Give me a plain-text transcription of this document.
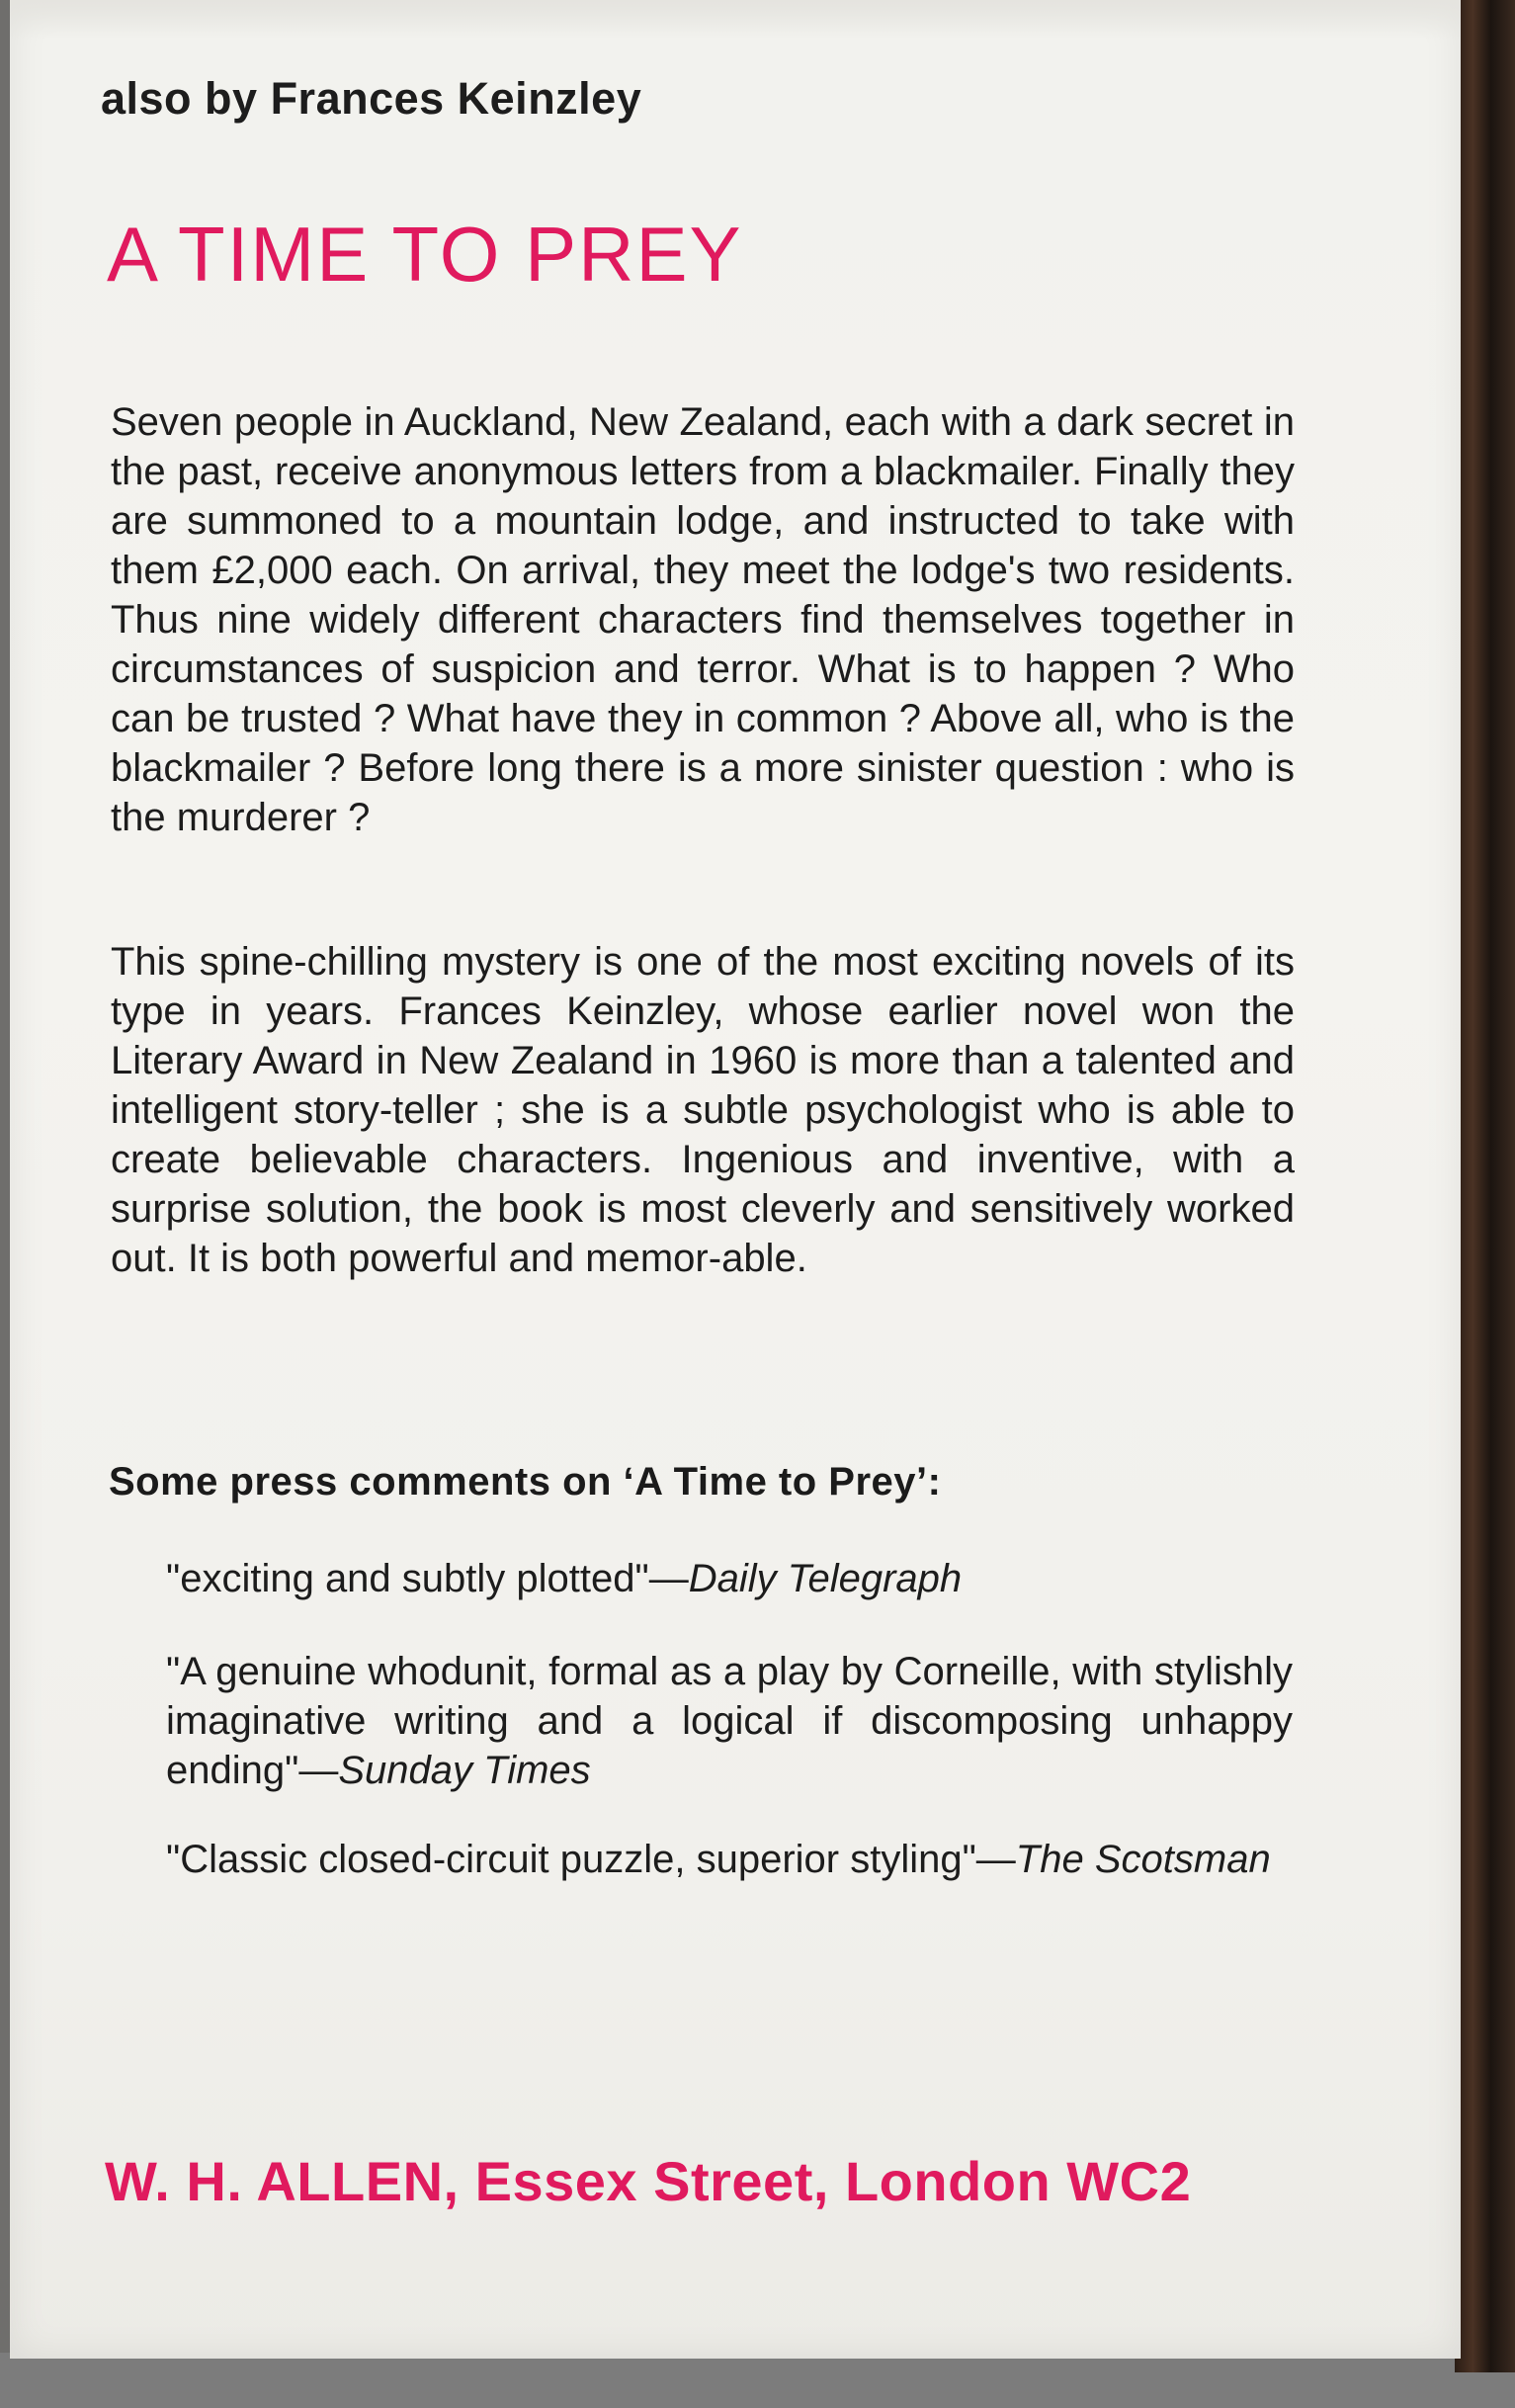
also by Frances Keinzley
A TIME TO PREY
Seven people in Auckland, New Zealand, each with a dark secret in the past, receive anonymous letters from a blackmailer. Finally they are summoned to a mountain lodge, and instructed to take with them £2,000 each. On arrival, they meet the lodge's two residents. Thus nine widely different characters find themselves together in circumstances of suspicion and terror. What is to happen ? Who can be trusted ? What have they in common ? Above all, who is the blackmailer ? Before long there is a more sinister question : who is the murderer ?
This spine-chilling mystery is one of the most exciting novels of its type in years. Frances Keinzley, whose earlier novel won the Literary Award in New Zealand in 1960 is more than a talented and intelligent story-teller ; she is a subtle psychologist who is able to create believable characters. Ingenious and inventive, with a surprise solution, the book is most cleverly and sensitively worked out. It is both powerful and memor-able.
Some press comments on ‘A Time to Prey’:
"exciting and subtly plotted"—Daily Telegraph
"A genuine whodunit, formal as a play by Corneille, with stylishly imaginative writing and a logical if discomposing unhappy ending"—Sunday Times
"Classic closed-circuit puzzle, superior styling"—The Scotsman
W. H. ALLEN, Essex Street, London WC2
